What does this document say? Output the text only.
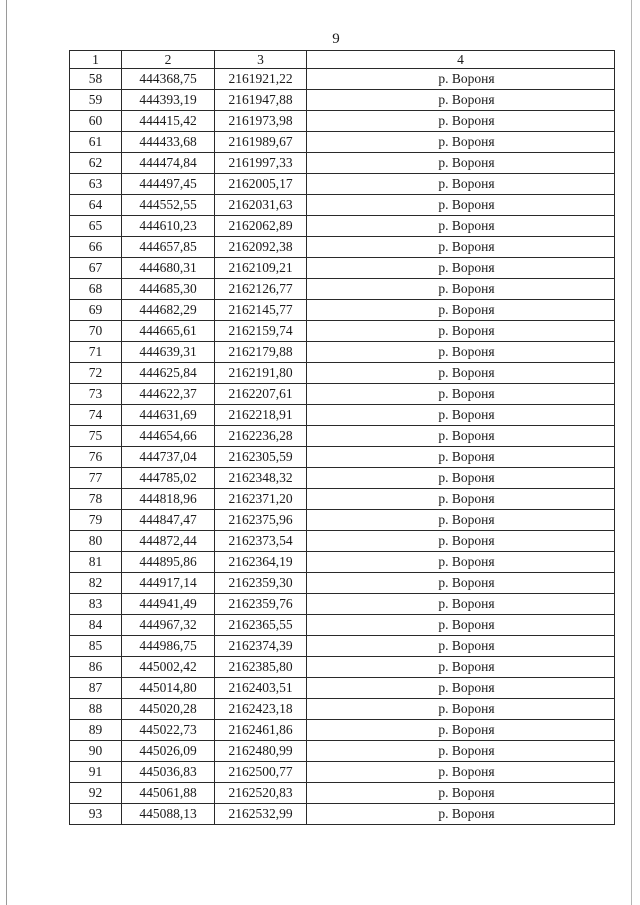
9
1	2	3	4
58	444368,75	2161921,22	р. Вороня
59	444393,19	2161947,88	р. Вороня
60	444415,42	2161973,98	р. Вороня
61	444433,68	2161989,67	р. Вороня
62	444474,84	2161997,33	р. Вороня
63	444497,45	2162005,17	р. Вороня
64	444552,55	2162031,63	р. Вороня
65	444610,23	2162062,89	р. Вороня
66	444657,85	2162092,38	р. Вороня
67	444680,31	2162109,21	р. Вороня
68	444685,30	2162126,77	р. Вороня
69	444682,29	2162145,77	р. Вороня
70	444665,61	2162159,74	р. Вороня
71	444639,31	2162179,88	р. Вороня
72	444625,84	2162191,80	р. Вороня
73	444622,37	2162207,61	р. Вороня
74	444631,69	2162218,91	р. Вороня
75	444654,66	2162236,28	р. Вороня
76	444737,04	2162305,59	р. Вороня
77	444785,02	2162348,32	р. Вороня
78	444818,96	2162371,20	р. Вороня
79	444847,47	2162375,96	р. Вороня
80	444872,44	2162373,54	р. Вороня
81	444895,86	2162364,19	р. Вороня
82	444917,14	2162359,30	р. Вороня
83	444941,49	2162359,76	р. Вороня
84	444967,32	2162365,55	р. Вороня
85	444986,75	2162374,39	р. Вороня
86	445002,42	2162385,80	р. Вороня
87	445014,80	2162403,51	р. Вороня
88	445020,28	2162423,18	р. Вороня
89	445022,73	2162461,86	р. Вороня
90	445026,09	2162480,99	р. Вороня
91	445036,83	2162500,77	р. Вороня
92	445061,88	2162520,83	р. Вороня
93	445088,13	2162532,99	р. Вороня
